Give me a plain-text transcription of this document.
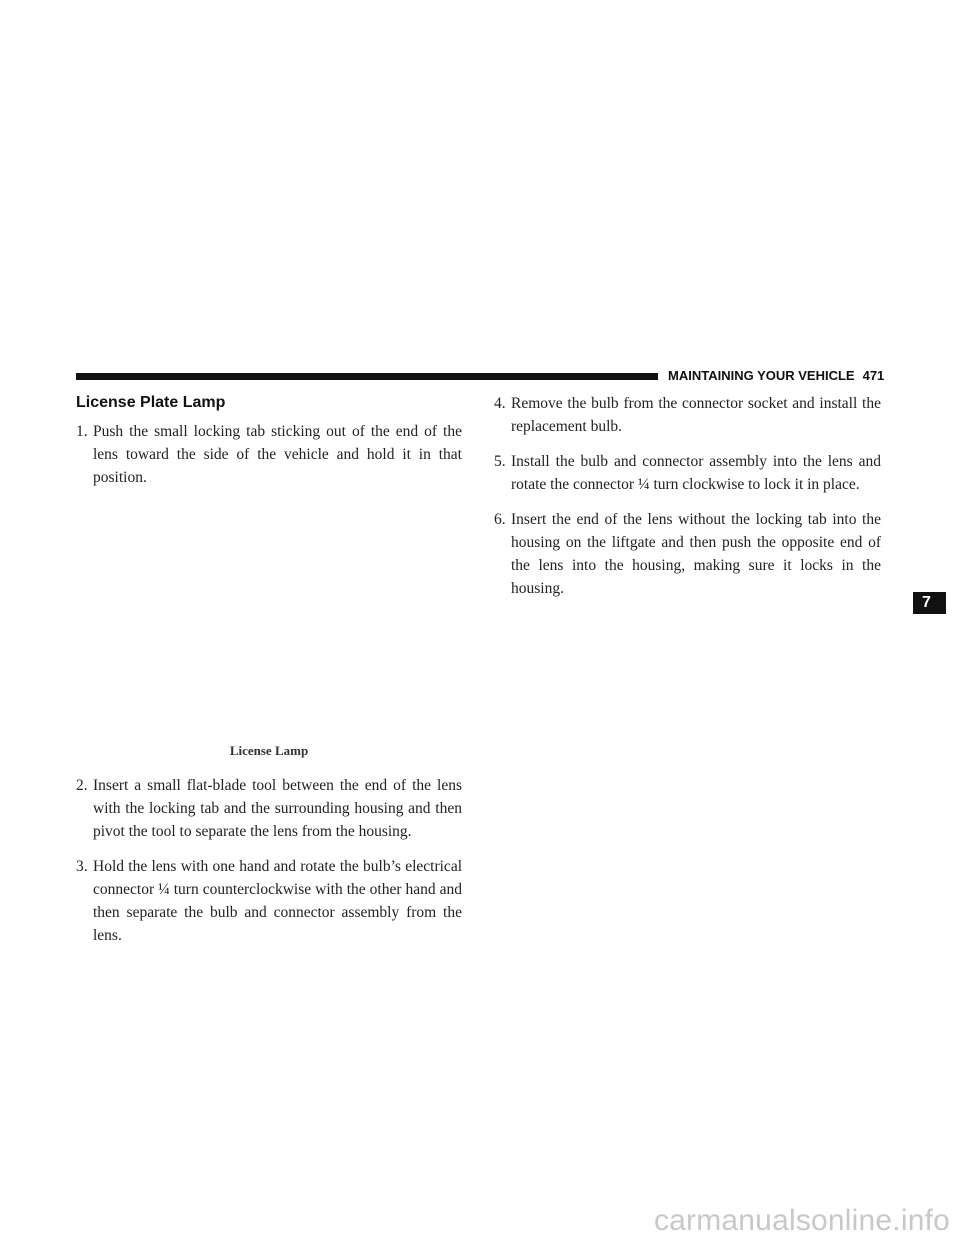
MAINTAINING YOUR VEHICLE 471
License Plate Lamp

1. Push the small locking tab sticking out of the end of the lens toward the side of the vehicle and hold it in that position.

License Lamp

2. Insert a small flat-blade tool between the end of the lens with the locking tab and the surrounding housing and then pivot the tool to separate the lens from the housing.

3. Hold the lens with one hand and rotate the bulb’s electrical connector ¼ turn counterclockwise with the other hand and then separate the bulb and connector assembly from the lens.

4. Remove the bulb from the connector socket and install the replacement bulb.

5. Install the bulb and connector assembly into the lens and rotate the connector ¼ turn clockwise to lock it in place.

6. Insert the end of the lens without the locking tab into the housing on the liftgate and then push the opposite end of the lens into the housing, making sure it locks in the housing.

7
carmanualsonline.info
